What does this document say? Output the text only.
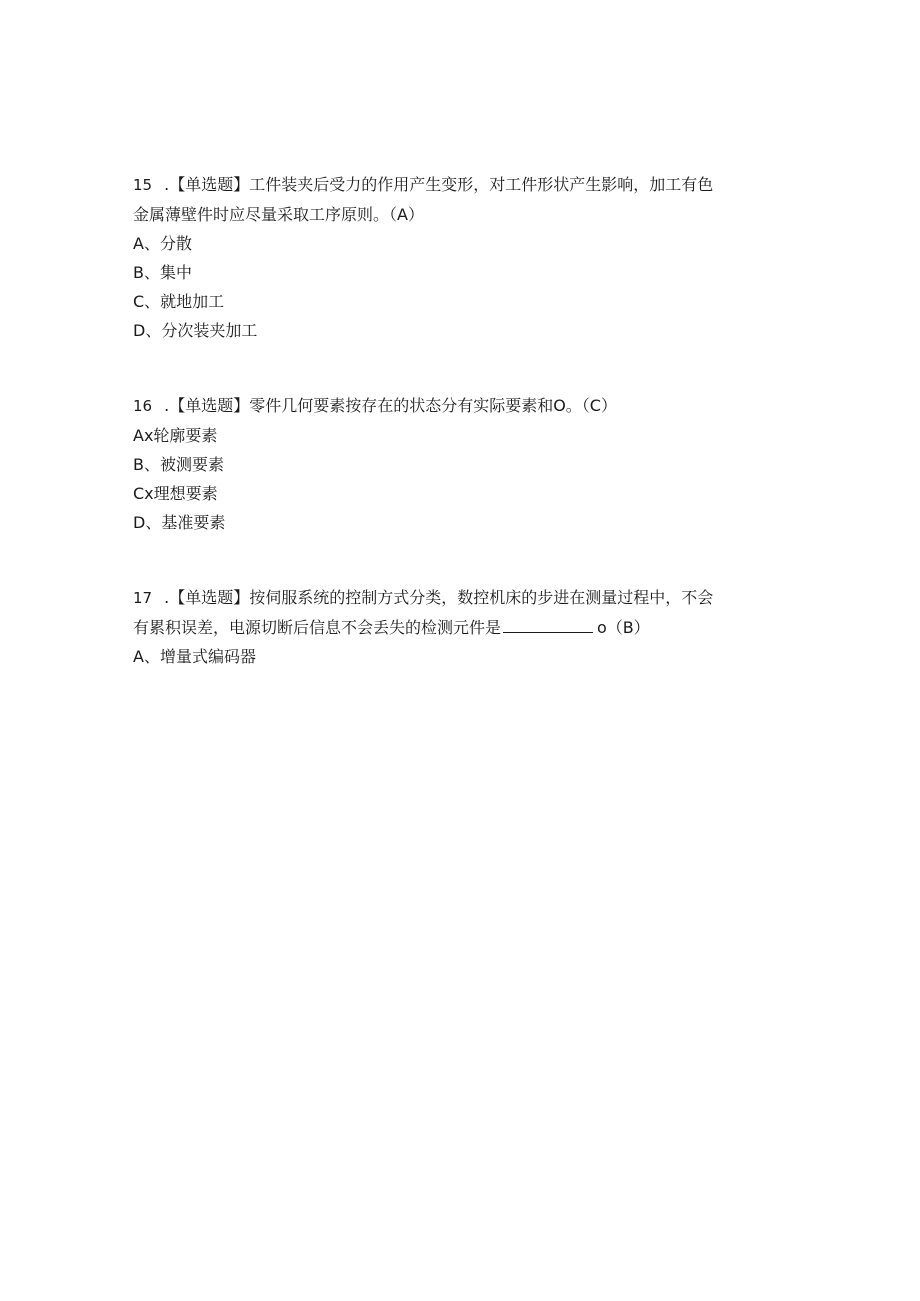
15 .【单选题】工件装夹后受力的作用产生变形，对工件形状产生影响，加工有色
金属薄壁件时应尽量采取工序原则。（A）
A、分散
B、集中
C、就地加工
D、分次装夹加工
16 .【单选题】零件几何要素按存在的状态分有实际要素和O。（C）
Ax轮廓要素
B、被测要素
Cx理想要素
D、基准要素
17 .【单选题】按伺服系统的控制方式分类，数控机床的步进在测量过程中，不会
有累积误差，电源切断后信息不会丢失的检测元件是	o（B）
A、增量式编码器
